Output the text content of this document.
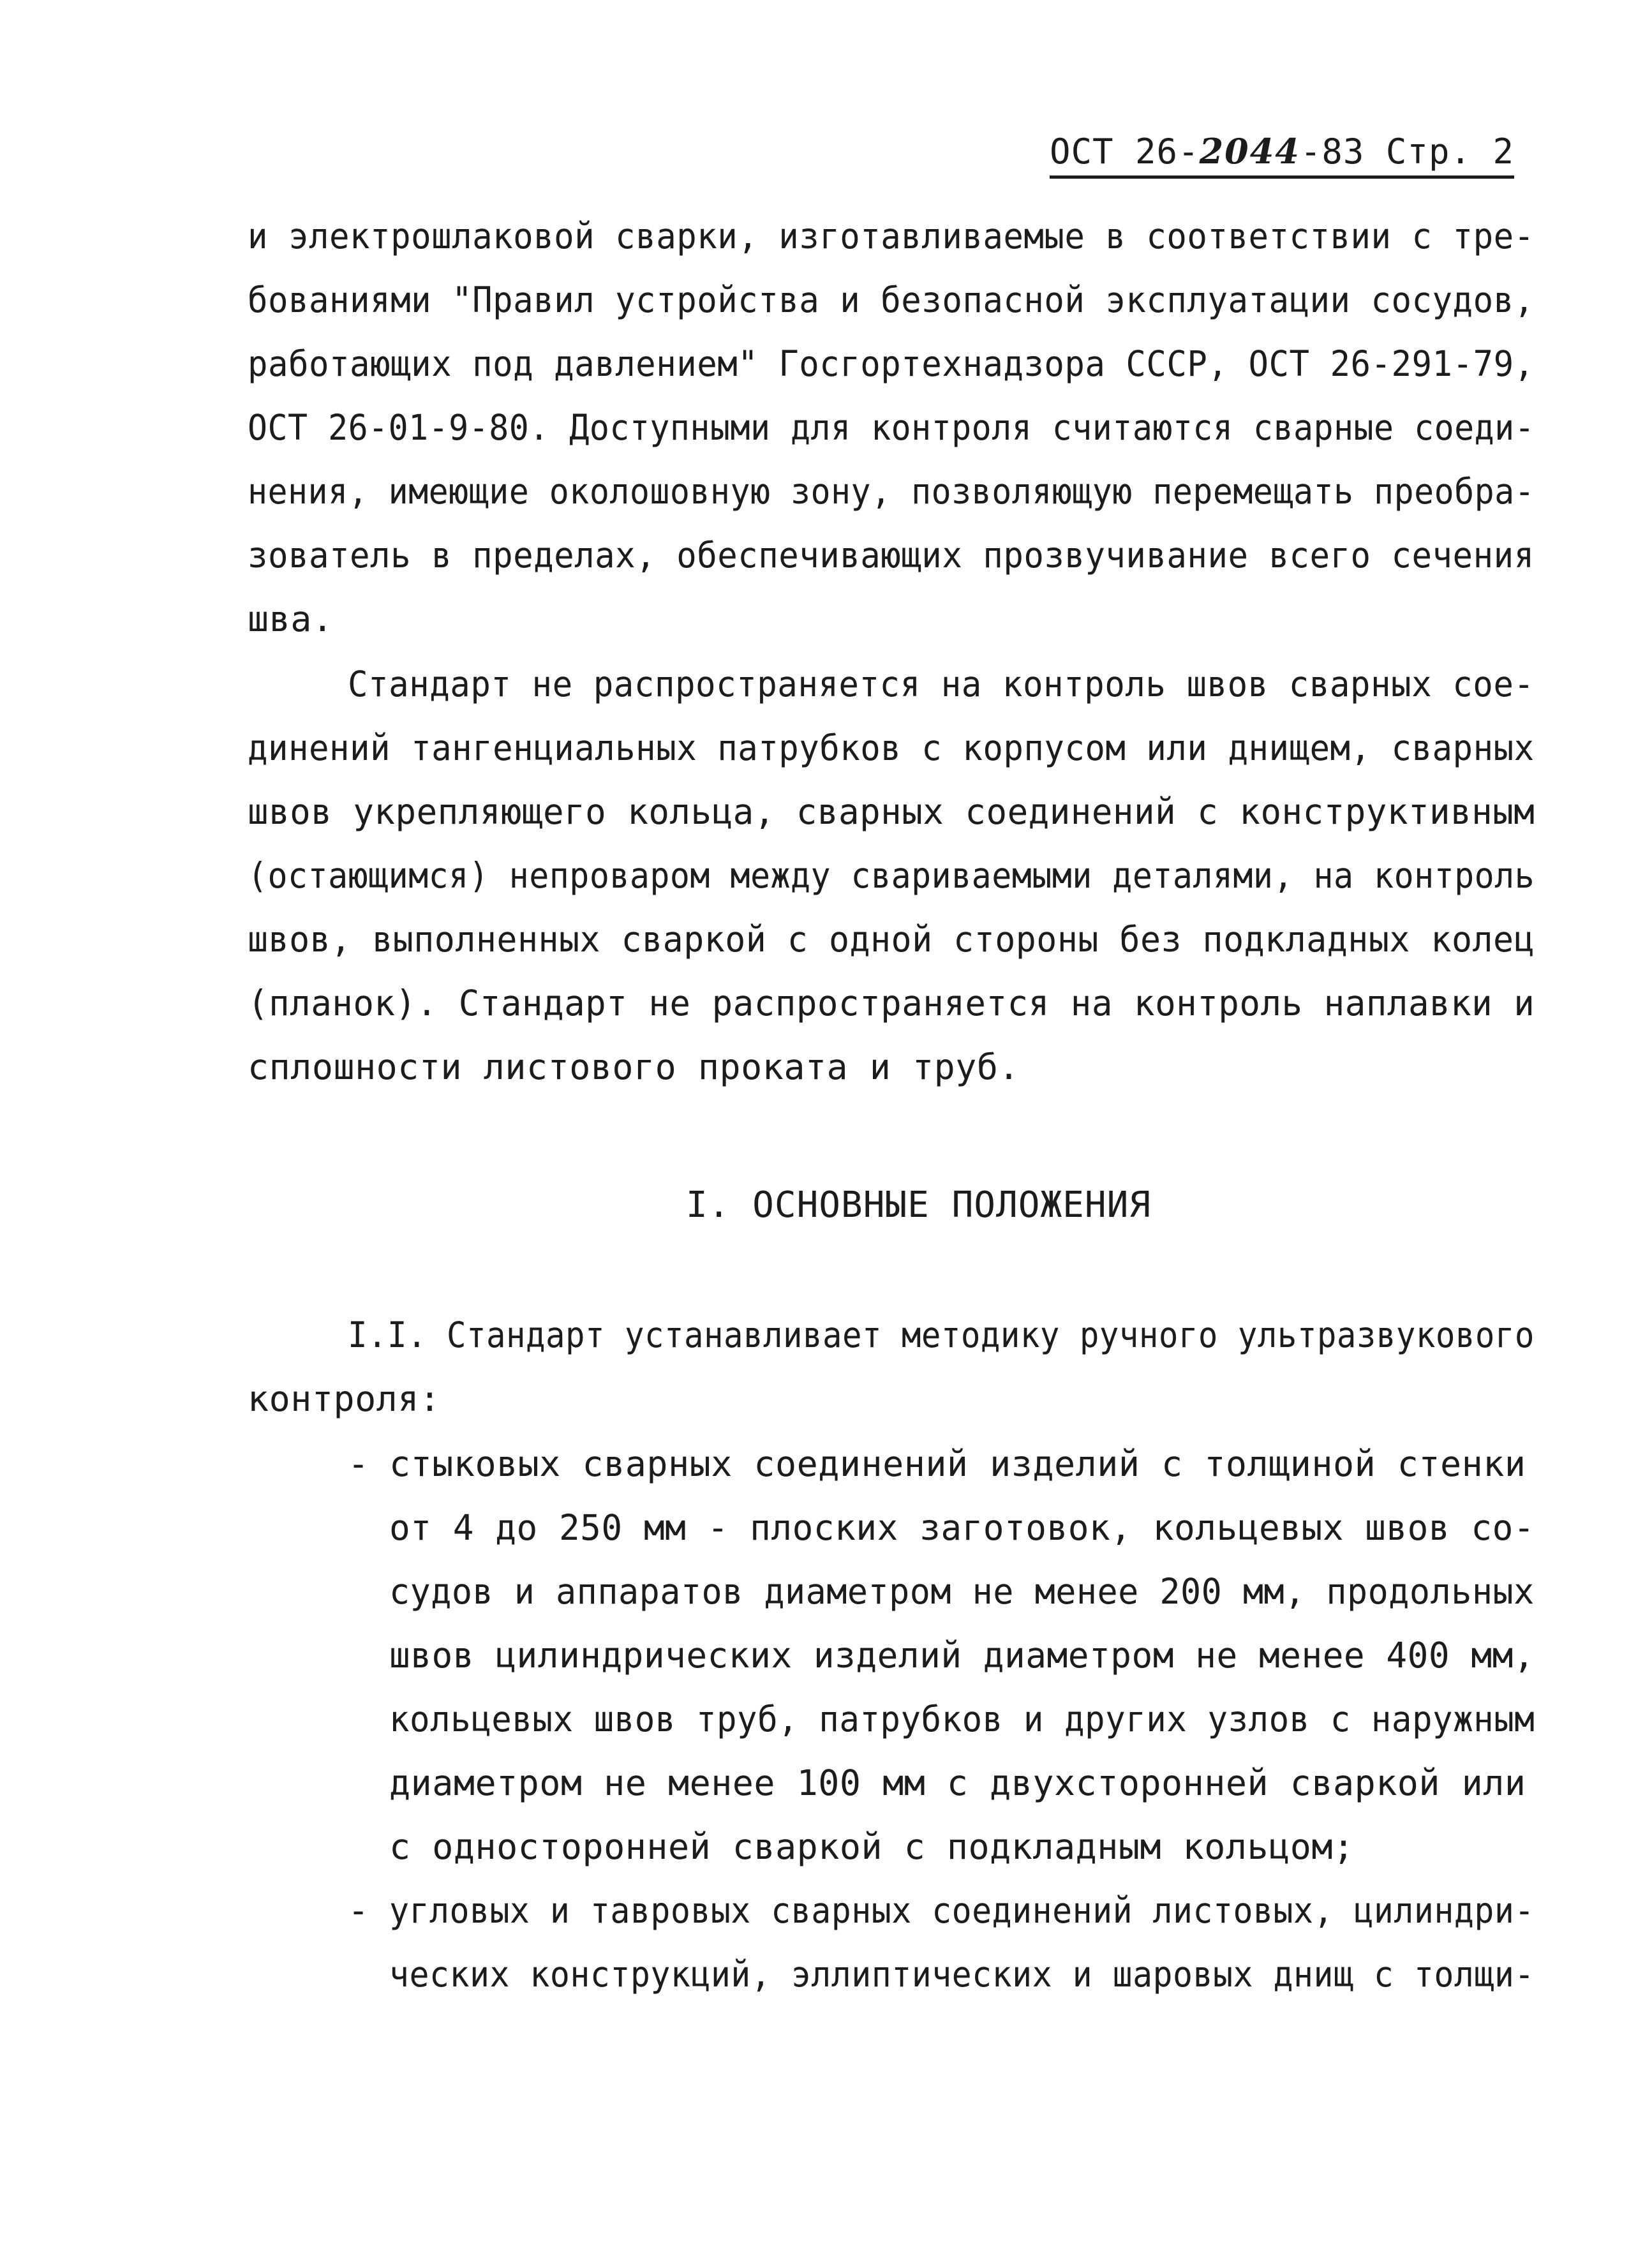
ОСТ 26-2044-83 Стр. 2
и электрошлаковой сварки, изготавливаемые в соответствии с тре-
бованиями "Правил устройства и безопасной эксплуатации сосудов,
работающих под давлением" Госгортехнадзора СССР, ОСТ 26-291-79,
ОСТ 26-01-9-80. Доступными для контроля считаются сварные соеди-
нения, имеющие околошовную зону, позволяющую перемещать преобра-
зователь в пределах, обеспечивающих прозвучивание всего сечения
шва.
Стандарт не распространяется на контроль швов сварных сое-
динений тангенциальных патрубков с корпусом или днищем, сварных
швов укрепляющего кольца, сварных соединений с конструктивным
(остающимся) непроваром между свариваемыми деталями, на контроль
швов, выполненных сваркой с одной стороны без подкладных колец
(планок). Стандарт не распространяется на контроль наплавки и
сплошности листового проката и труб.
I. ОСНОВНЫЕ ПОЛОЖЕНИЯ
I.I. Стандарт устанавливает методику ручного ультразвукового
контроля:
- стыковых сварных соединений изделий с толщиной стенки
от 4 до 250 мм - плоских заготовок, кольцевых швов со-
судов и аппаратов диаметром не менее 200 мм, продольных
швов цилиндрических изделий диаметром не менее 400 мм,
кольцевых швов труб, патрубков и других узлов с наружным
диаметром не менее 100 мм с двухсторонней сваркой или
с односторонней сваркой с подкладным кольцом;
- угловых и тавровых сварных соединений листовых, цилиндри-
ческих конструкций, эллиптических и шаровых днищ с толщи-
